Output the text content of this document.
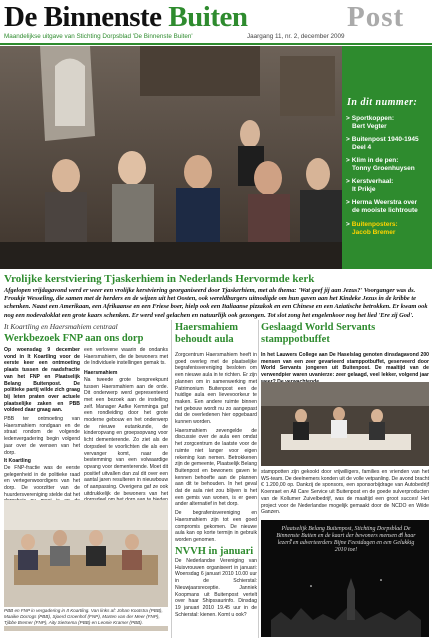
De Binnenste Buiten	Post
Maandelijkse uitgave van Stichting Dorpsblad 'De Binnenste Buiten'	Jaargang 11, nr. 2, december 2009
In dit nummer:
> Sportkoppen:
Bert Vegter
> Buitenpost 1940-1945
Deel 4
> Klim in de pen:
Tonny Groenhuysen
> Kerstverhaal:
It Prikje
> Herma Weerstra over
de mooiste lichtroute
> Buitenposters:
Jacob Bremer
Vrolijke kerstviering Tjaskerhiem in Nederlands Hervormde kerk
Afgelopen vrijdagavond werd er weer een vrolijke kerstviering georganiseerd door Tjaskerhiem, met als thema: 'Wat geef jij aan Jezus?' Voorganger was ds. Froukje Wesseling, die samen met de herders en de wijzen uit het Oosten, ook wereldburgers uitnodigde om hun gaven aan het Kindeke Jezus in de kribbe te schenken. Naast een Amerikaan, een Afrikaanse en een Friese boer, hielp ook een Italiaanse pizzakok en een Chinese en een Aziatische betrokken. Er kwam ook nog een nodevaloklat een grote kaars schenken. Er werd veel gelachen en natuurlijk ook gezongen. Tot slot zong het engelenkoor nog het lied 'Ere zij God'.
It Koartling en Haersmahiem centraal
Werkbezoek FNP aan ons dorp

Op woensdag 9 december vond in It Koartling voor de eerste keer een ontmoeting plaats tussen de raadsfractie van het FNP en Plaatselijk Belang Buitenpost. De politieke partij wilde zich graag bij leten praten over actuele plaatselijke zaken en PBB voldeed daar graag aan.

PBB ter ontmoeting van Haersmahiem rondgaan en de straat rondom de volgende ledenvergadering begin volgend jaar over de wensen van het dorp.

It Koartling

De FNP-fractie was de eerste gelegenheid in de politieke raad en vertegenwoordigers van het dorp. De voorzitter van de huurdersvereniging stelde dat het

een verlovene waarin de ondanks Haersmahiem, die de bewoners met de Individuele instellingen gemak ts.

Haersmahiem

Na tweede grote bespreekpunt tussen Haersmahiem aan de orde. Dit onderwerp werd gepresenteerd met een bezoek aan de instelling zelf. Manager Aafke Kemminga gaf een rondleiding door het grote moderne gebouw en het onderwerp de nieuwe eutankunde, de kinderopvang en groepsopvang voor licht dementerende. Zo ziet als de dorpsdeel te voorlichten die als een vervanger komt, naar de bestemming van een volwaardige opvang voor dementerende. Moet dit positief uitvallen dan zal dit over een aantal jaren resulteren in nieuwbouw of aanpassing. Overigens gaf ze ook uitdrukkelijk de bewoners van het

PBB en FNP in vergadering in It Koartling. Van links af: Johan Kootstra (PBB), Maaike Dorrogs (PBB), Sjoerd Groenhof (FNP), Marten van der Meer (FNP), Tjibbe Bremer (FNP), Aity Sietsema (PBB) en Leonie Kramer (PBB).
Haersmahiem behoudt aula

Zorgcentrum Haersmahiem heeft in goed overleg met de plaatselijke begrafenisvereniging besloten om een nieuwe aula in te richten. Er zijn plannen om in samenwerking met Patrimonium Buitenpost een de huidige aula een lievevoorkeur te maken. Een andere ruimte binnen het gebouw wordt nu zo aangepast dat de overledenen hier opgebaard kunnen worden.

Haersmahiem zevengelde de discussie over de aula een omdat het zorgcentrum de laatste voor de ruimte niet langer voor eigen rekening kan nemen. Betrokkenen zijn de gemeente, Plaatselijk Belang Buitenpost en bewoners gaven te kennen behoefte aan de plannen aan dit te behouden. In het geval dat de aula niet zou blijven is het een gemis van wonen, is er geen ander alternatief in het dorp.

De begrafenisvereniging en Haersmahiem zijn tot een goed compromis gekomen. De nieuwe aula kan op korte termijn in gebruik worden genomen.

NVVH in januari
De Nederlandse Vereniging van Huisvrouwen organiseert in januari: Woensdag 6 januari 2010 10.00 uur in de Schierstal: Nieuwjaarsreceptie. Janniek Koopmans uit Buitenpost vertelt over haar Shipssaurinfo. Dinsdag 19 januari 2010 19.45 uur in de Schierstal: kienen. Komt u ook?
Geslaagd World Servants stamppotbuffet
In het Lauwers College aan De Haselslag genoten dinsdagavond 200 mensen van een zeer gevarieerd stamppotbuffet, geserveerd door World Servants jongeren uit Buitenpost. De maaltijd van de verwendpier waren uvanierze: zeer gelaagd, veel lekker, volgend jaar
stamppotten zijn gekookt door vrijwilligers, families en vrienden van het WS-team. De deelnemers konden uit de volle vetpanling. De avond bracht € 1.200,00 op. Dankzij de sponsors, een sponsorbijdrage van Autobedrijf Koenraet en All Care Service uit Buitenpost en de goede sulverproducten van de Kollumer Zuivelbedrijf, was de maaltijd een groot succes! Het project voor de Nederlandse mogelijk gemaakt door de NCDO en Wilde Ganzen.
Plaatselijk Belang Buitenpost, Stichting Dorpsblad De Binnenste Buiten en de kaart der bewoners mensen al haar lezers en adverteerders Bijne Feestdagen en een Gelukkig 2010 toe!
